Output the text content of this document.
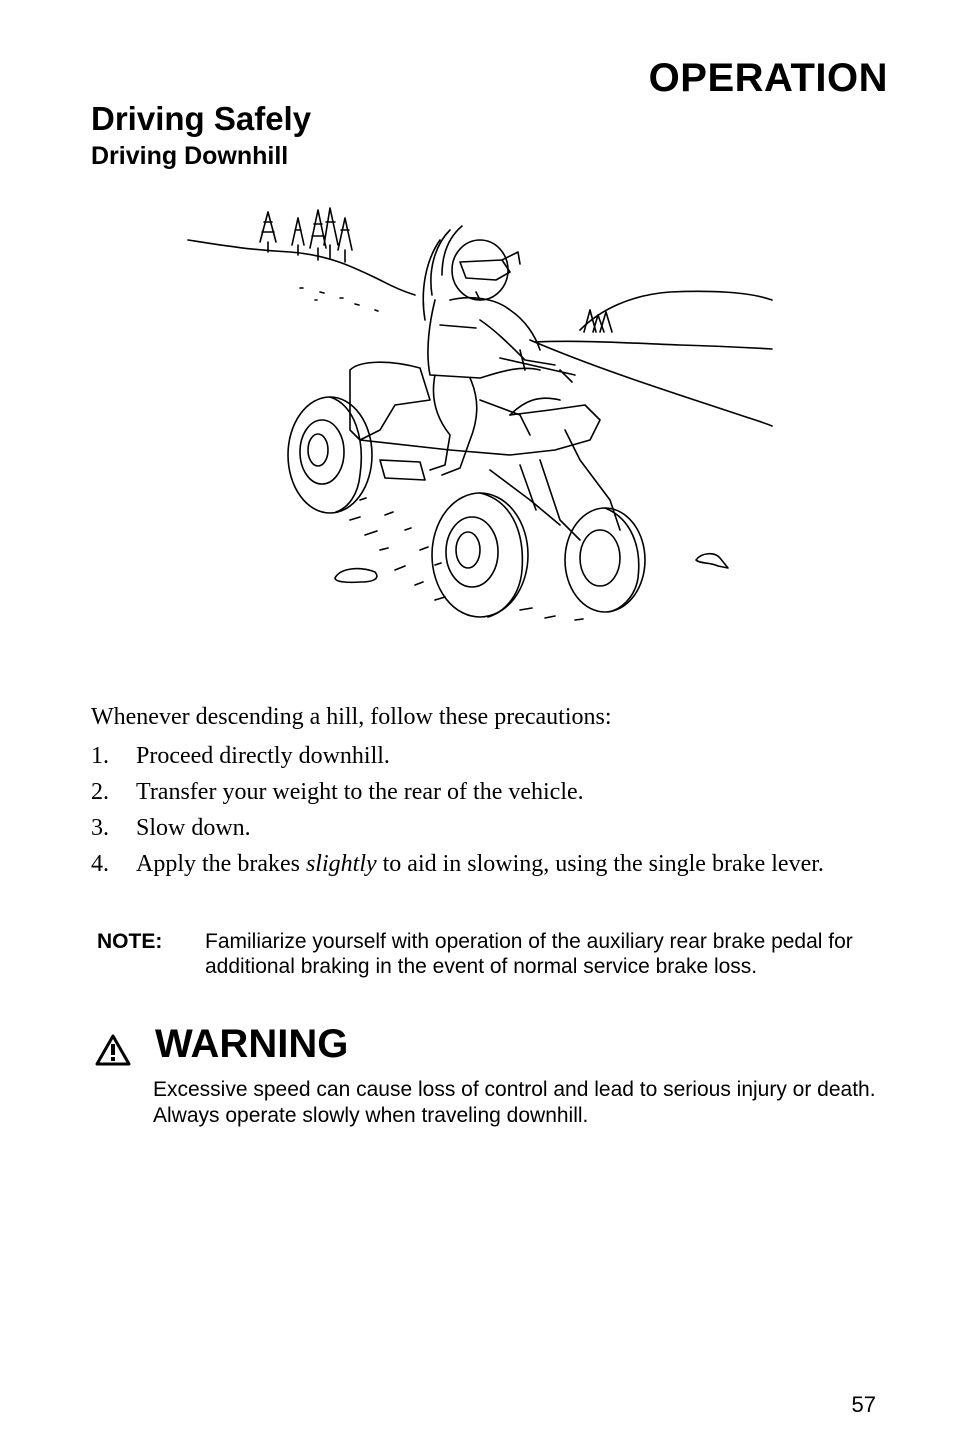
OPERATION
Driving Safely
Driving Downhill
Whenever descending a hill, follow these precautions:
1. Proceed directly downhill.
2. Transfer your weight to the rear of the vehicle.
3. Slow down.
4. Apply the brakes slightly to aid in slowing, using the single brake lever.
NOTE: Familiarize yourself with operation of the auxiliary rear brake pedal for additional braking in the event of normal service brake loss.
WARNING
Excessive speed can cause loss of control and lead to serious injury or death. Always operate slowly when traveling downhill.
57
